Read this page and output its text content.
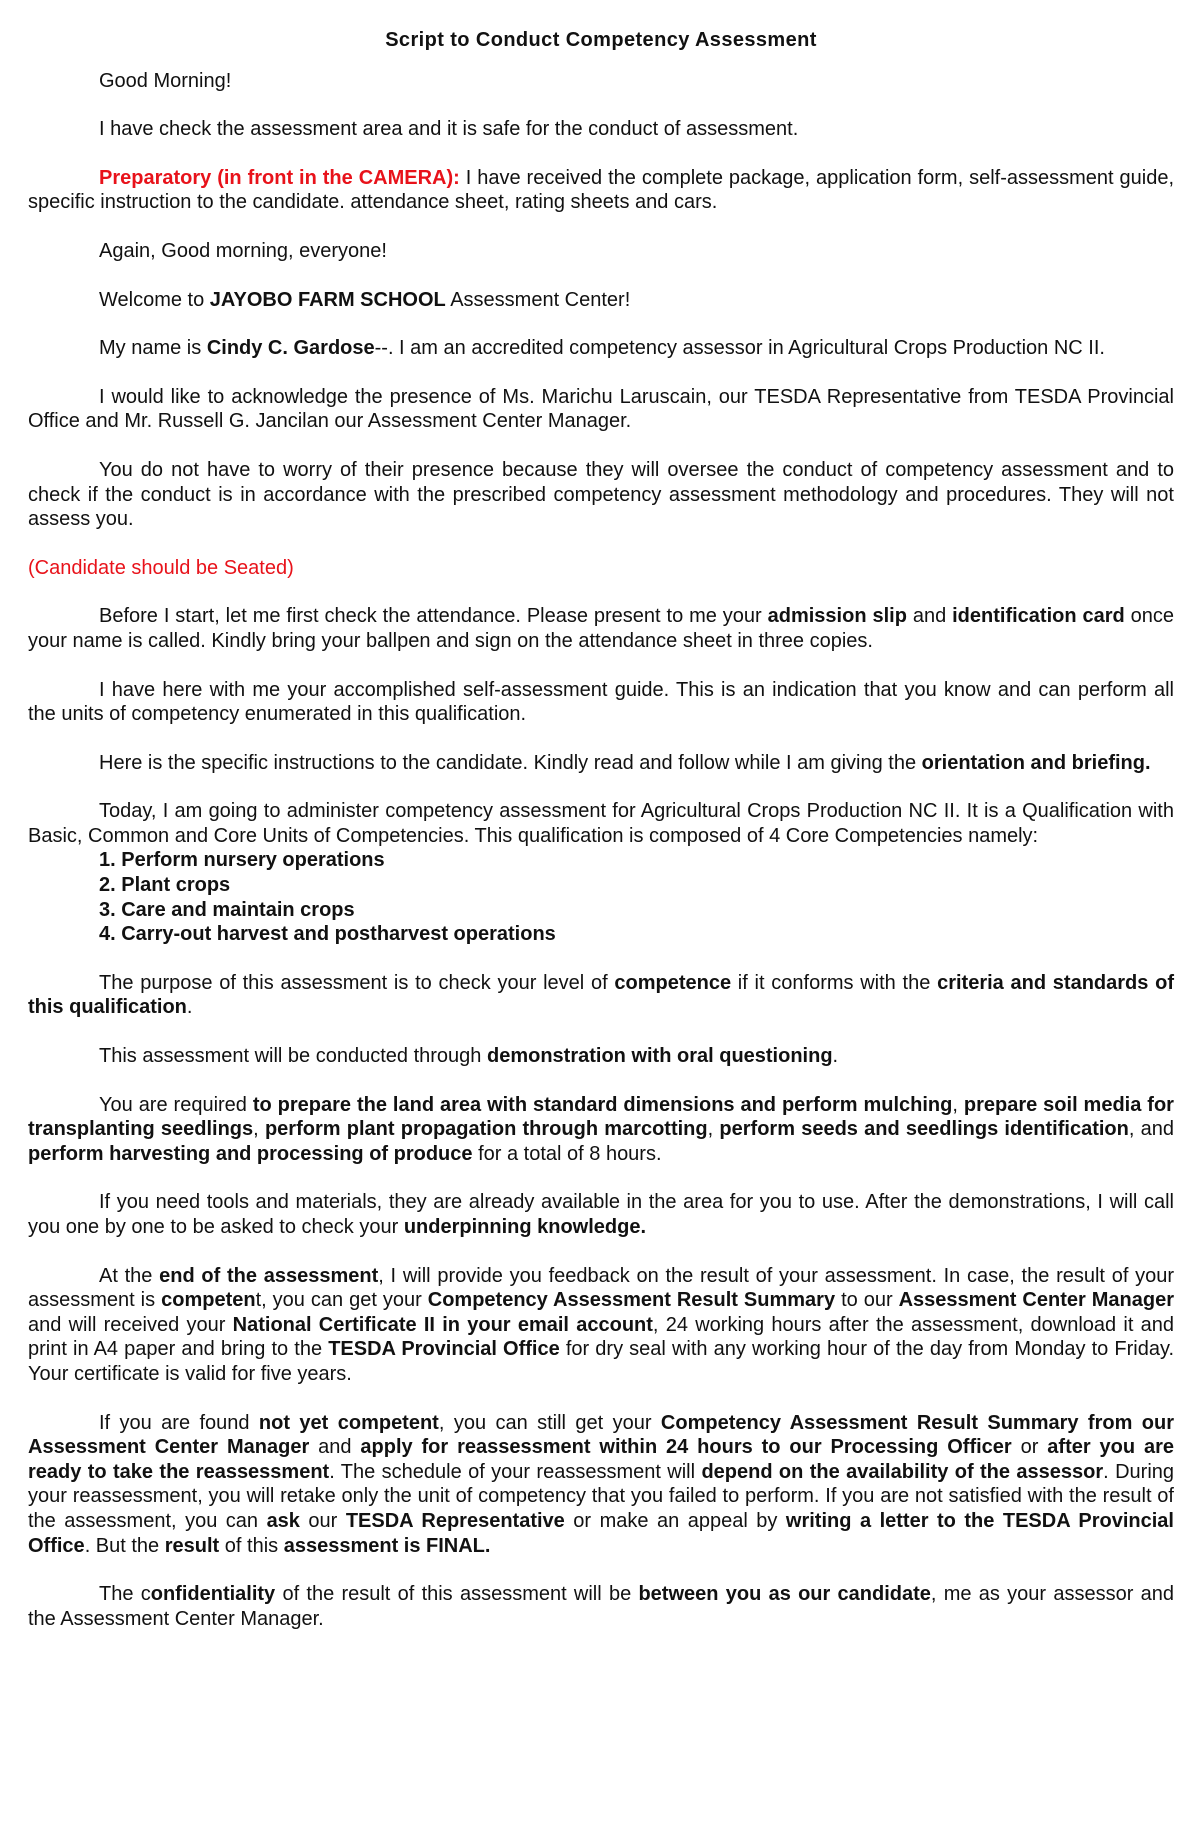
Script to Conduct Competency Assessment

Good Morning!

I have check the assessment area and it is safe for the conduct of assessment.

Preparatory (in front in the CAMERA): I have received the complete package, application form, self-assessment guide, specific instruction to the candidate. attendance sheet, rating sheets and cars.

Again, Good morning, everyone!

Welcome to JAYOBO FARM SCHOOL Assessment Center!

My name is Cindy C. Gardose--. I am an accredited competency assessor in Agricultural Crops Production NC II.

I would like to acknowledge the presence of Ms. Marichu Laruscain, our TESDA Representative from TESDA Provincial Office and Mr. Russell G. Jancilan our Assessment Center Manager.

You do not have to worry of their presence because they will oversee the conduct of competency assessment and to check if the conduct is in accordance with the prescribed competency assessment methodology and procedures. They will not assess you.

(Candidate should be Seated)

Before I start, let me first check the attendance. Please present to me your admission slip and identification card once your name is called. Kindly bring your ballpen and sign on the attendance sheet in three copies.

I have here with me your accomplished self-assessment guide. This is an indication that you know and can perform all the units of competency enumerated in this qualification.

Here is the specific instructions to the candidate. Kindly read and follow while I am giving the orientation and briefing.

Today, I am going to administer competency assessment for Agricultural Crops Production NC II. It is a Qualification with Basic, Common and Core Units of Competencies. This qualification is composed of 4 Core Competencies namely:

1. Perform nursery operations
2. Plant crops
3. Care and maintain crops
4. Carry-out harvest and postharvest operations

The purpose of this assessment is to check your level of competence if it conforms with the criteria and standards of this qualification.

This assessment will be conducted through demonstration with oral questioning.

You are required to prepare the land area with standard dimensions and perform mulching, prepare soil media for transplanting seedlings, perform plant propagation through marcotting, perform seeds and seedlings identification, and perform harvesting and processing of produce for a total of 8 hours.

If you need tools and materials, they are already available in the area for you to use. After the demonstrations, I will call you one by one to be asked to check your underpinning knowledge.

At the end of the assessment, I will provide you feedback on the result of your assessment. In case, the result of your assessment is competent, you can get your Competency Assessment Result Summary to our Assessment Center Manager and will received your National Certificate II in your email account, 24 working hours after the assessment, download it and print in A4 paper and bring to the TESDA Provincial Office for dry seal with any working hour of the day from Monday to Friday. Your certificate is valid for five years.

If you are found not yet competent, you can still get your Competency Assessment Result Summary from our Assessment Center Manager and apply for reassessment within 24 hours to our Processing Officer or after you are ready to take the reassessment. The schedule of your reassessment will depend on the availability of the assessor. During your reassessment, you will retake only the unit of competency that you failed to perform. If you are not satisfied with the result of the assessment, you can ask our TESDA Representative or make an appeal by writing a letter to the TESDA Provincial Office. But the result of this assessment is FINAL.

The confidentiality of the result of this assessment will be between you as our candidate, me as your assessor and the Assessment Center Manager.
